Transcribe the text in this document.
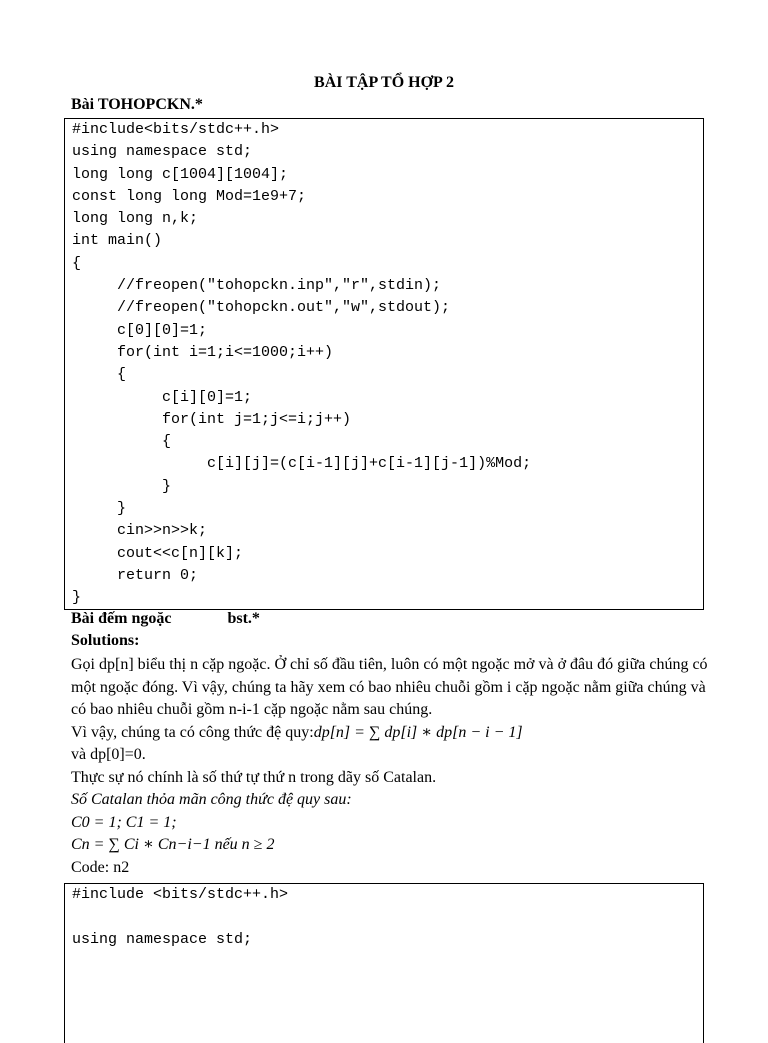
BÀI TẬP TỔ HỢP 2
Bài TOHOPCKN.*
#include<bits/stdc++.h>
using namespace std;
long long c[1004][1004];
const long long Mod=1e9+7;
long long n,k;
int main()
{
//freopen("tohopckn.inp","r",stdin);
//freopen("tohopckn.out","w",stdout);
c[0][0]=1;
for(int i=1;i<=1000;i++)
{
c[i][0]=1;
for(int j=1;j<=i;j++)
{
c[i][j]=(c[i-1][j]+c[i-1][j-1])%Mod;
}
}
cin>>n>>k;
cout<<c[n][k];
return 0;
}
Bài đếm ngoặc              bst.*
Solutions:

Gọi dp[n] biểu thị n cặp ngoặc. Ở chỉ số đầu tiên, luôn có một ngoặc mở và ở đâu đó giữa chúng có một ngoặc đóng. Vì vậy, chúng ta hãy xem có bao nhiêu chuỗi gồm i cặp ngoặc nằm giữa chúng và có bao nhiêu chuỗi gồm n-i-1 cặp ngoặc nằm sau chúng.

Vì vậy, chúng ta có công thức đệ quy:dp[n] = ∑ dp[i] ∗ dp[n − i − 1]

và dp[0]=0.

Thực sự nó chính là số thứ tự thứ n trong dãy số Catalan.

Số Catalan thỏa mãn công thức đệ quy sau:

C0 = 1; C1 = 1;

Cn = ∑ Ci ∗ Cn−i−1 nếu n ≥ 2

Code: n2

#include <bits/stdc++.h>
using namespace std;
